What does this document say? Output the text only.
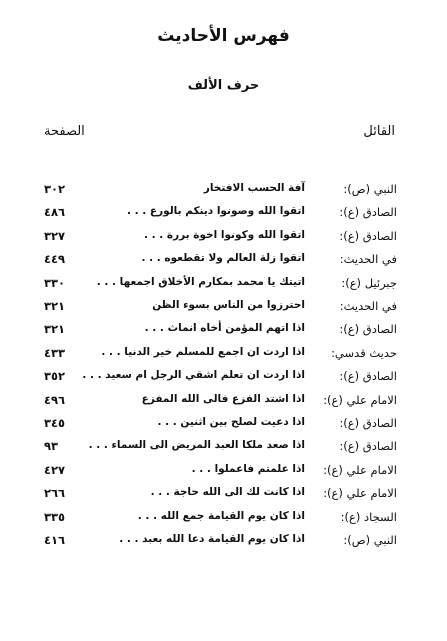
فهرس الأحاديث
حرف الألف
القائل
الصفحة
النبي (ص):
آفة الحسب الافتخار
٣٠٢
الصادق (ع):
اتقوا الله وصونوا دينكم بالورع . . .
٤٨٦
الصادق (ع):
اتقوا الله وكونوا اخوة بررة . . .
٣٢٧
في الحديث:
اتقوا زلة العالم ولا تقطعوه . . .
٤٤٩
جبرئيل (ع):
اتيتك يا محمد بمكارم الأخلاق اجمعها . . .
٣٣٠
في الحديث:
احترزوا من الناس بسوء الظن
٣٢١
الصادق (ع):
اذا اتهم المؤمن أخاه انماث . . .
٣٢١
حديث قدسي:
اذا اردت ان اجمع للمسلم خير الدنيا . . .
٤٣٣
الصادق (ع):
اذا اردت ان تعلم اشقي الرجل ام سعيد . . .
٣٥٢
الامام علي (ع):
اذا اشتد الفزع فالى الله المفزع
٤٩٦
الصادق (ع):
اذا دعيت لصلح بين اثنين . . .
٣٤٥
الصادق (ع):
اذا صعد ملكا العبد المريض الى السماء . . .
٩٣
الامام علي (ع):
اذا علمتم فاعملوا . . .
٤٢٧
الامام علي (ع):
اذا كانت لك الى الله حاجة . . .
٢٦٦
السجاد (ع):
اذا كان يوم القيامة جمع الله . . .
٣٣٥
النبي (ص):
اذا كان يوم القيامة دعا الله بعبد . . .
٤١٦
